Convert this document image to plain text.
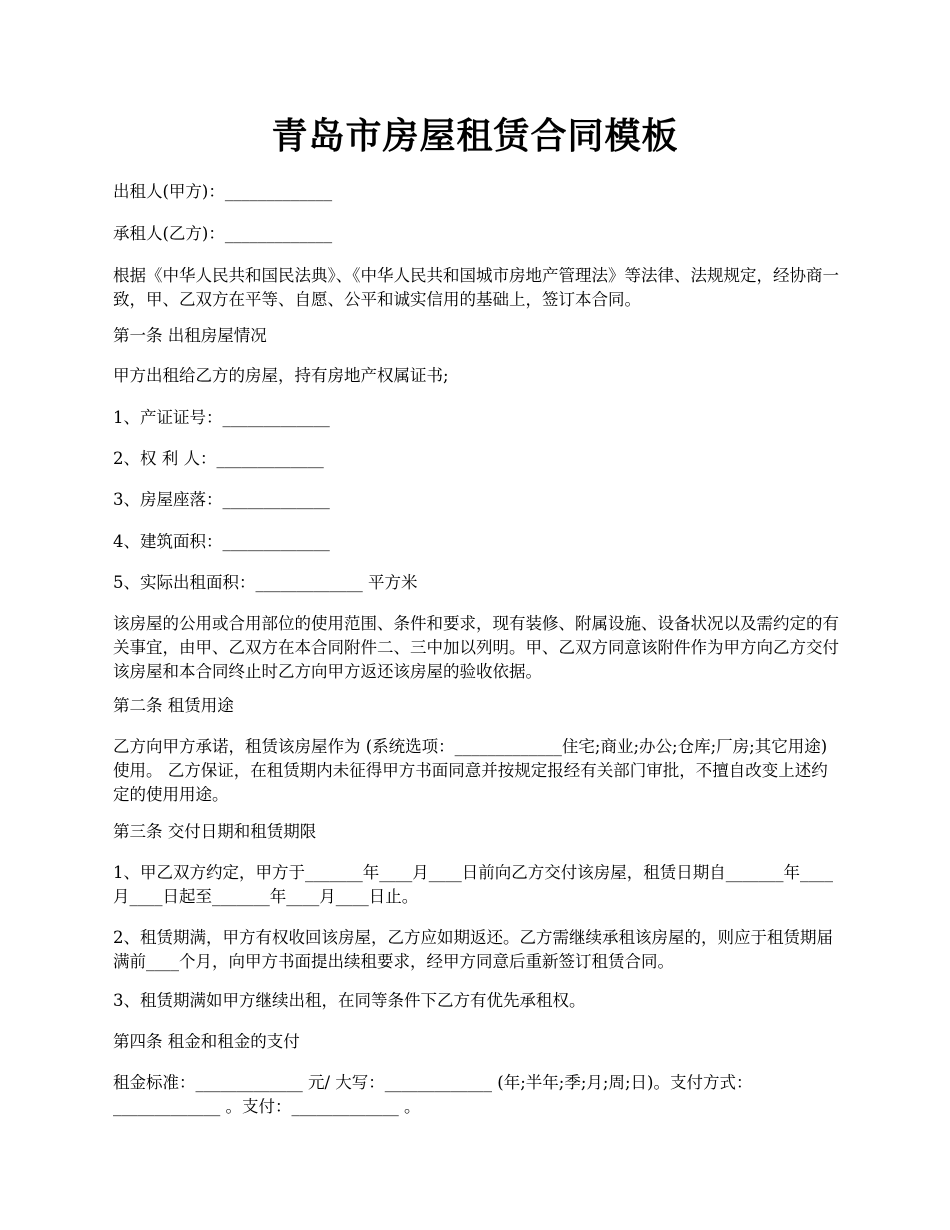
青岛市房屋租赁合同模板

出租人(甲方)：_____________

承租人(乙方)：_____________

根据《中华人民共和国民法典》、《中华人民共和国城市房地产管理法》等法律、法规规定，经协商一致，甲、乙双方在平等、自愿、公平和诚实信用的基础上，签订本合同。

第一条 出租房屋情况

甲方出租给乙方的房屋，持有房地产权属证书;

1、产证证号：_____________

2、权 利 人：_____________

3、房屋座落：_____________

4、建筑面积：_____________

5、实际出租面积：_____________ 平方米

该房屋的公用或合用部位的使用范围、条件和要求，现有装修、附属设施、设备状况以及需约定的有关事宜，由甲、乙双方在本合同附件二、三中加以列明。甲、乙双方同意该附件作为甲方向乙方交付该房屋和本合同终止时乙方向甲方返还该房屋的验收依据。

第二条 租赁用途

乙方向甲方承诺，租赁该房屋作为 (系统选项：_____________住宅;商业;办公;仓库;厂房;其它用途)使用。 乙方保证，在租赁期内未征得甲方书面同意并按规定报经有关部门审批，不擅自改变上述约定的使用用途。

第三条 交付日期和租赁期限

1、甲乙双方约定，甲方于_______年____月____日前向乙方交付该房屋，租赁日期自_______年____月____日起至_______年____月____日止。

2、租赁期满，甲方有权收回该房屋，乙方应如期返还。乙方需继续承租该房屋的，则应于租赁期届满前____个月，向甲方书面提出续租要求，经甲方同意后重新签订租赁合同。

3、租赁期满如甲方继续出租，在同等条件下乙方有优先承租权。

第四条 租金和租金的支付

租金标准：_____________ 元/ 大写：_____________ (年;半年;季;月;周;日)。支付方式：_____________ 。支付：_____________ 。
